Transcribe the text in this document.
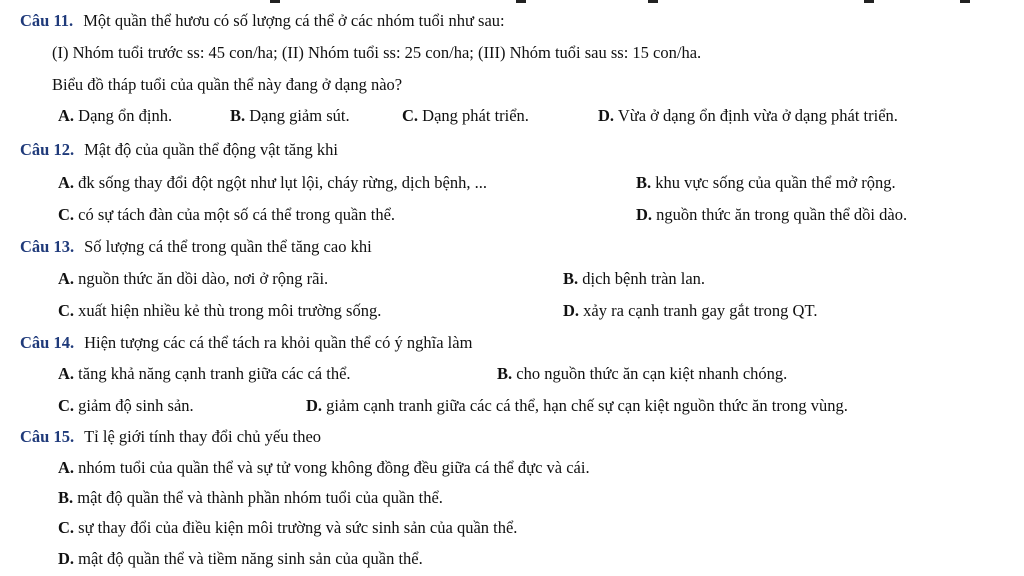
Câu 11. Một quần thể hươu có số lượng cá thể ở các nhóm tuổi như sau:
(I) Nhóm tuổi trước ss: 45 con/ha; (II) Nhóm tuổi ss: 25 con/ha; (III) Nhóm tuổi sau ss: 15 con/ha.
Biểu đồ tháp tuổi của quần thể này đang ở dạng nào?
A. Dạng ổn định.	B. Dạng giảm sút.	C. Dạng phát triển.	D. Vừa ở dạng ổn định vừa ở dạng phát triển.
Câu 12. Mật độ của quần thể động vật tăng khi
A. đk sống thay đổi đột ngột như lụt lội, cháy rừng, dịch bệnh, ...	B. khu vực sống của quần thể mở rộng.
C. có sự tách đàn của một số cá thể trong quần thể.	D. nguồn thức ăn trong quần thể dồi dào.
Câu 13. Số lượng cá thể trong quần thể tăng cao khi
A. nguồn thức ăn dồi dào, nơi ở rộng rãi.	B. dịch bệnh tràn lan.
C. xuất hiện nhiều kẻ thù trong môi trường sống.	D. xảy ra cạnh tranh gay gắt trong QT.
Câu 14. Hiện tượng các cá thể tách ra khỏi quần thể có ý nghĩa làm
A. tăng khả năng cạnh tranh giữa các cá thể.	B. cho nguồn thức ăn cạn kiệt nhanh chóng.
C. giảm độ sinh sản.	D. giảm cạnh tranh giữa các cá thể, hạn chế sự cạn kiệt nguồn thức ăn trong vùng.
Câu 15. Tỉ lệ giới tính thay đổi chủ yếu theo
A. nhóm tuổi của quần thể và sự tử vong không đồng đều giữa cá thể đực và cái.
B. mật độ quần thể và thành phần nhóm tuổi của quần thể.
C. sự thay đổi của điều kiện môi trường và sức sinh sản của quần thể.
D. mật độ quần thể và tiềm năng sinh sản của quần thể.
